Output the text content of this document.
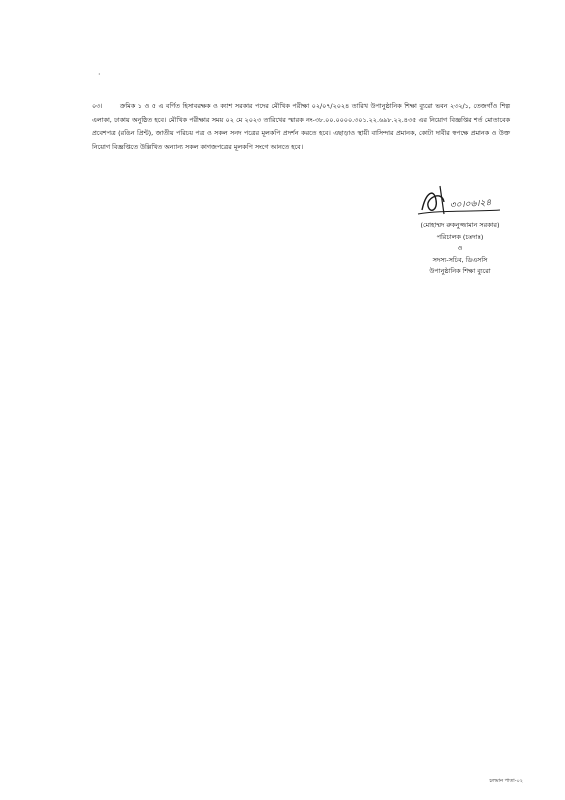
·
০৩।	ক্রমিক ১ ও ৫ এ বর্ণিত হিসাবরক্ষক ও ক্যাশ সরকার পদের মৌখিক পরীক্ষা ০২/০৭/২০২৪ তারিখ উপানুষ্ঠানিক শিক্ষা ব্যুরো ভবন ২৩২/১, তেজগাঁও শিল্প এলাকা, ঢাকায় অনুষ্ঠিত হবে। মৌখিক পরীক্ষার সময় ০২ মে ২০২৩ তারিখের স্মারক নং-৩৮.০০.০০০০.৩০১.২২.৬৯৮.২২.৪৩৫ এর নিয়োগ বিজ্ঞপ্তির শর্ত মোতাবেক প্রবেশপত্র (রঙিন প্রিন্ট), জাতীয় পরিচয় পত্র ও সকল সনদ পত্রের মূলকপি প্রদর্শন করতে হবে। এছাড়াও স্থায়ী বাসিন্দার প্রমানক, কোটা দাবীর স্বপক্ষে প্রমানক ও উক্ত নিয়োগ বিজ্ঞপ্তিতে উল্লিখিত অন্যান্য সকল কাগজপত্রের মূলকপি সংগে আনতে হবে।
৩০।০৬।২৪
(মোহাম্মদ রুকনুজ্জামান সরকার)
পরিচালক (চঃদাঃ)
ও
সদস্য-সচিব, ডিএসসি
উপানুষ্ঠানিক শিক্ষা ব্যুরো
চলমান পাতা-০২
